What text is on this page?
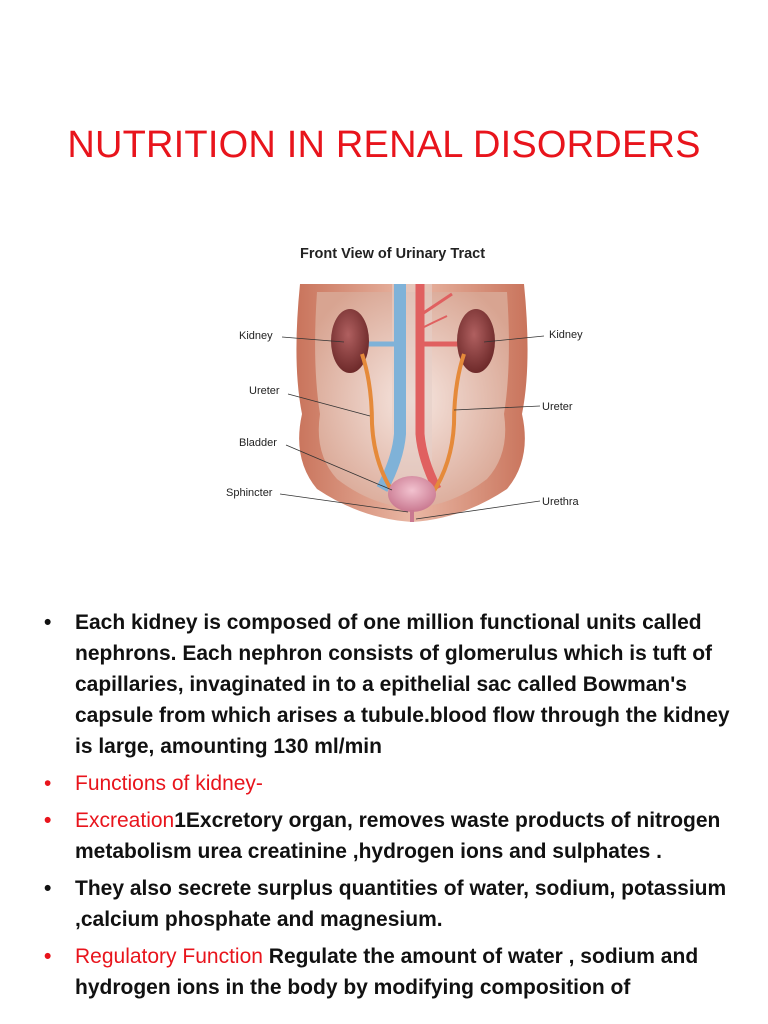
NUTRITION IN RENAL DISORDERS
Front View of Urinary Tract
Kidney	Kidney
Ureter
Ureter
Bladder
Sphincter
Urethra
• Each kidney is composed of one million functional units called nephrons. Each nephron consists of glomerulus which is tuft of capillaries, invaginated in to a epithelial sac called Bowman's capsule from which arises a tubule.blood flow through the kidney is large, amounting 130 ml/min
• Functions of kidney-
• Excreation1Excretory organ, removes waste products of nitrogen metabolism urea creatinine ,hydrogen ions and sulphates .
• They also secrete surplus quantities of water, sodium, potassium ,calcium phosphate and magnesium.
• Regulatory Function Regulate the amount of water , sodium and hydrogen ions in the body by modifying composition of
